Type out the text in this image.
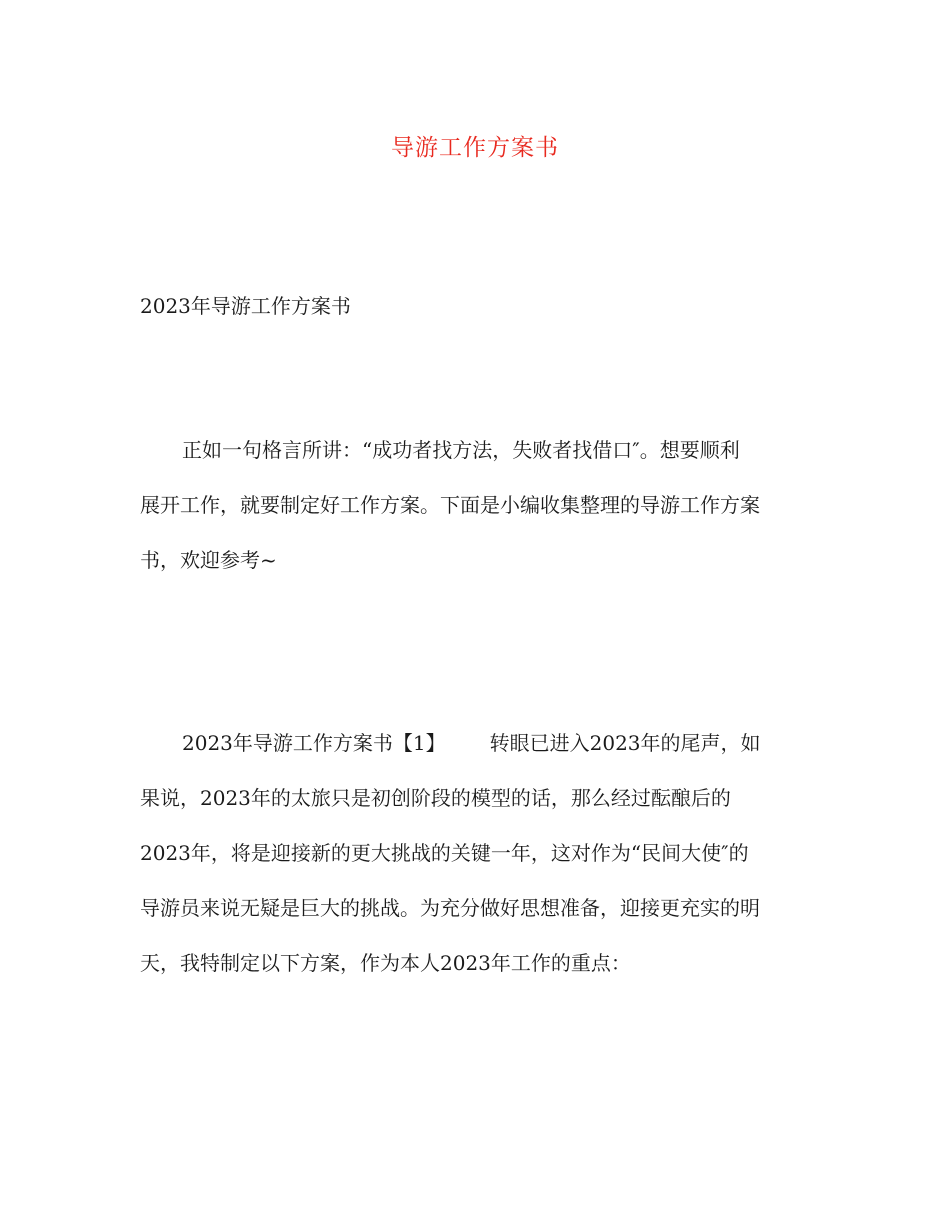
导游工作方案书
2023年导游工作方案书
正如一句格言所讲：“成功者找方法，失败者找借口″。想要顺利
展开工作，就要制定好工作方案。下面是小编收集整理的导游工作方案
书，欢迎参考~
2023年导游工作方案书【1】 转眼已进入2023年的尾声，如
果说，2023年的太旅只是初创阶段的模型的话，那么经过酝酿后的
2023年，将是迎接新的更大挑战的关键一年，这对作为“民间大使″的
导游员来说无疑是巨大的挑战。为充分做好思想准备，迎接更充实的明
天，我特制定以下方案，作为本人2023年工作的重点：
